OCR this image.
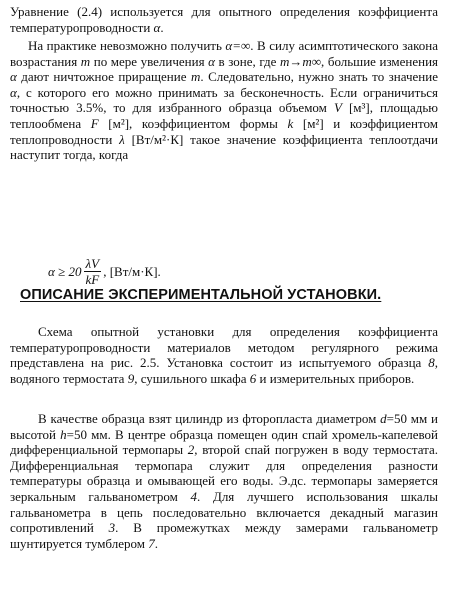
Уравнение (2.4) используется для опытного определения коэффициента температуропроводности α.

На практике невозможно получить α=∞. В силу асимптотического закона возрастания m по мере увеличения α в зоне, где m→m∞, большие изменения α дают ничтожное приращение m. Следовательно, нужно знать то значение α, с которого его можно принимать за бесконечность. Если ограничиться точностью 3.5%, то для избранного образца объемом V [м³], площадью теплообмена F [м²], коэффициентом формы k [м²] и коэффициентом теплопроводности λ [Вт/м²·К] такое значение коэффициента теплоотдачи наступит тогда, когда

$\alpha \ge 20 \frac{\lambda V}{kF}$ , [Вт/м·К].
ОПИСАНИЕ ЭКСПЕРИМЕНТАЛЬНОЙ УСТАНОВКИ.

Схема опытной установки для определения коэффициента температуропроводности материалов методом регулярного режима представлена на рис. 2.5. Установка состоит из испытуемого образца 8, водяного термостата 9, сушильного шкафа 6 и измерительных приборов.

В качестве образца взят цилиндр из фторопласта диаметром d=50 мм и высотой h=50 мм. В центре образца помещен один спай хромель-капелевой дифференциальной термопары 2, второй спай погружен в воду термостата. Дифференциальная термопара служит для определения разности температуры образца и омывающей его воды. Э.дс. термопары замеряется зеркальным гальванометром 4. Для лучшего использования шкалы гальванометра в цепь последовательно включается декадный магазин сопротивлений 3. В промежутках между замерами гальванометр шунтируется тумблером 7.
